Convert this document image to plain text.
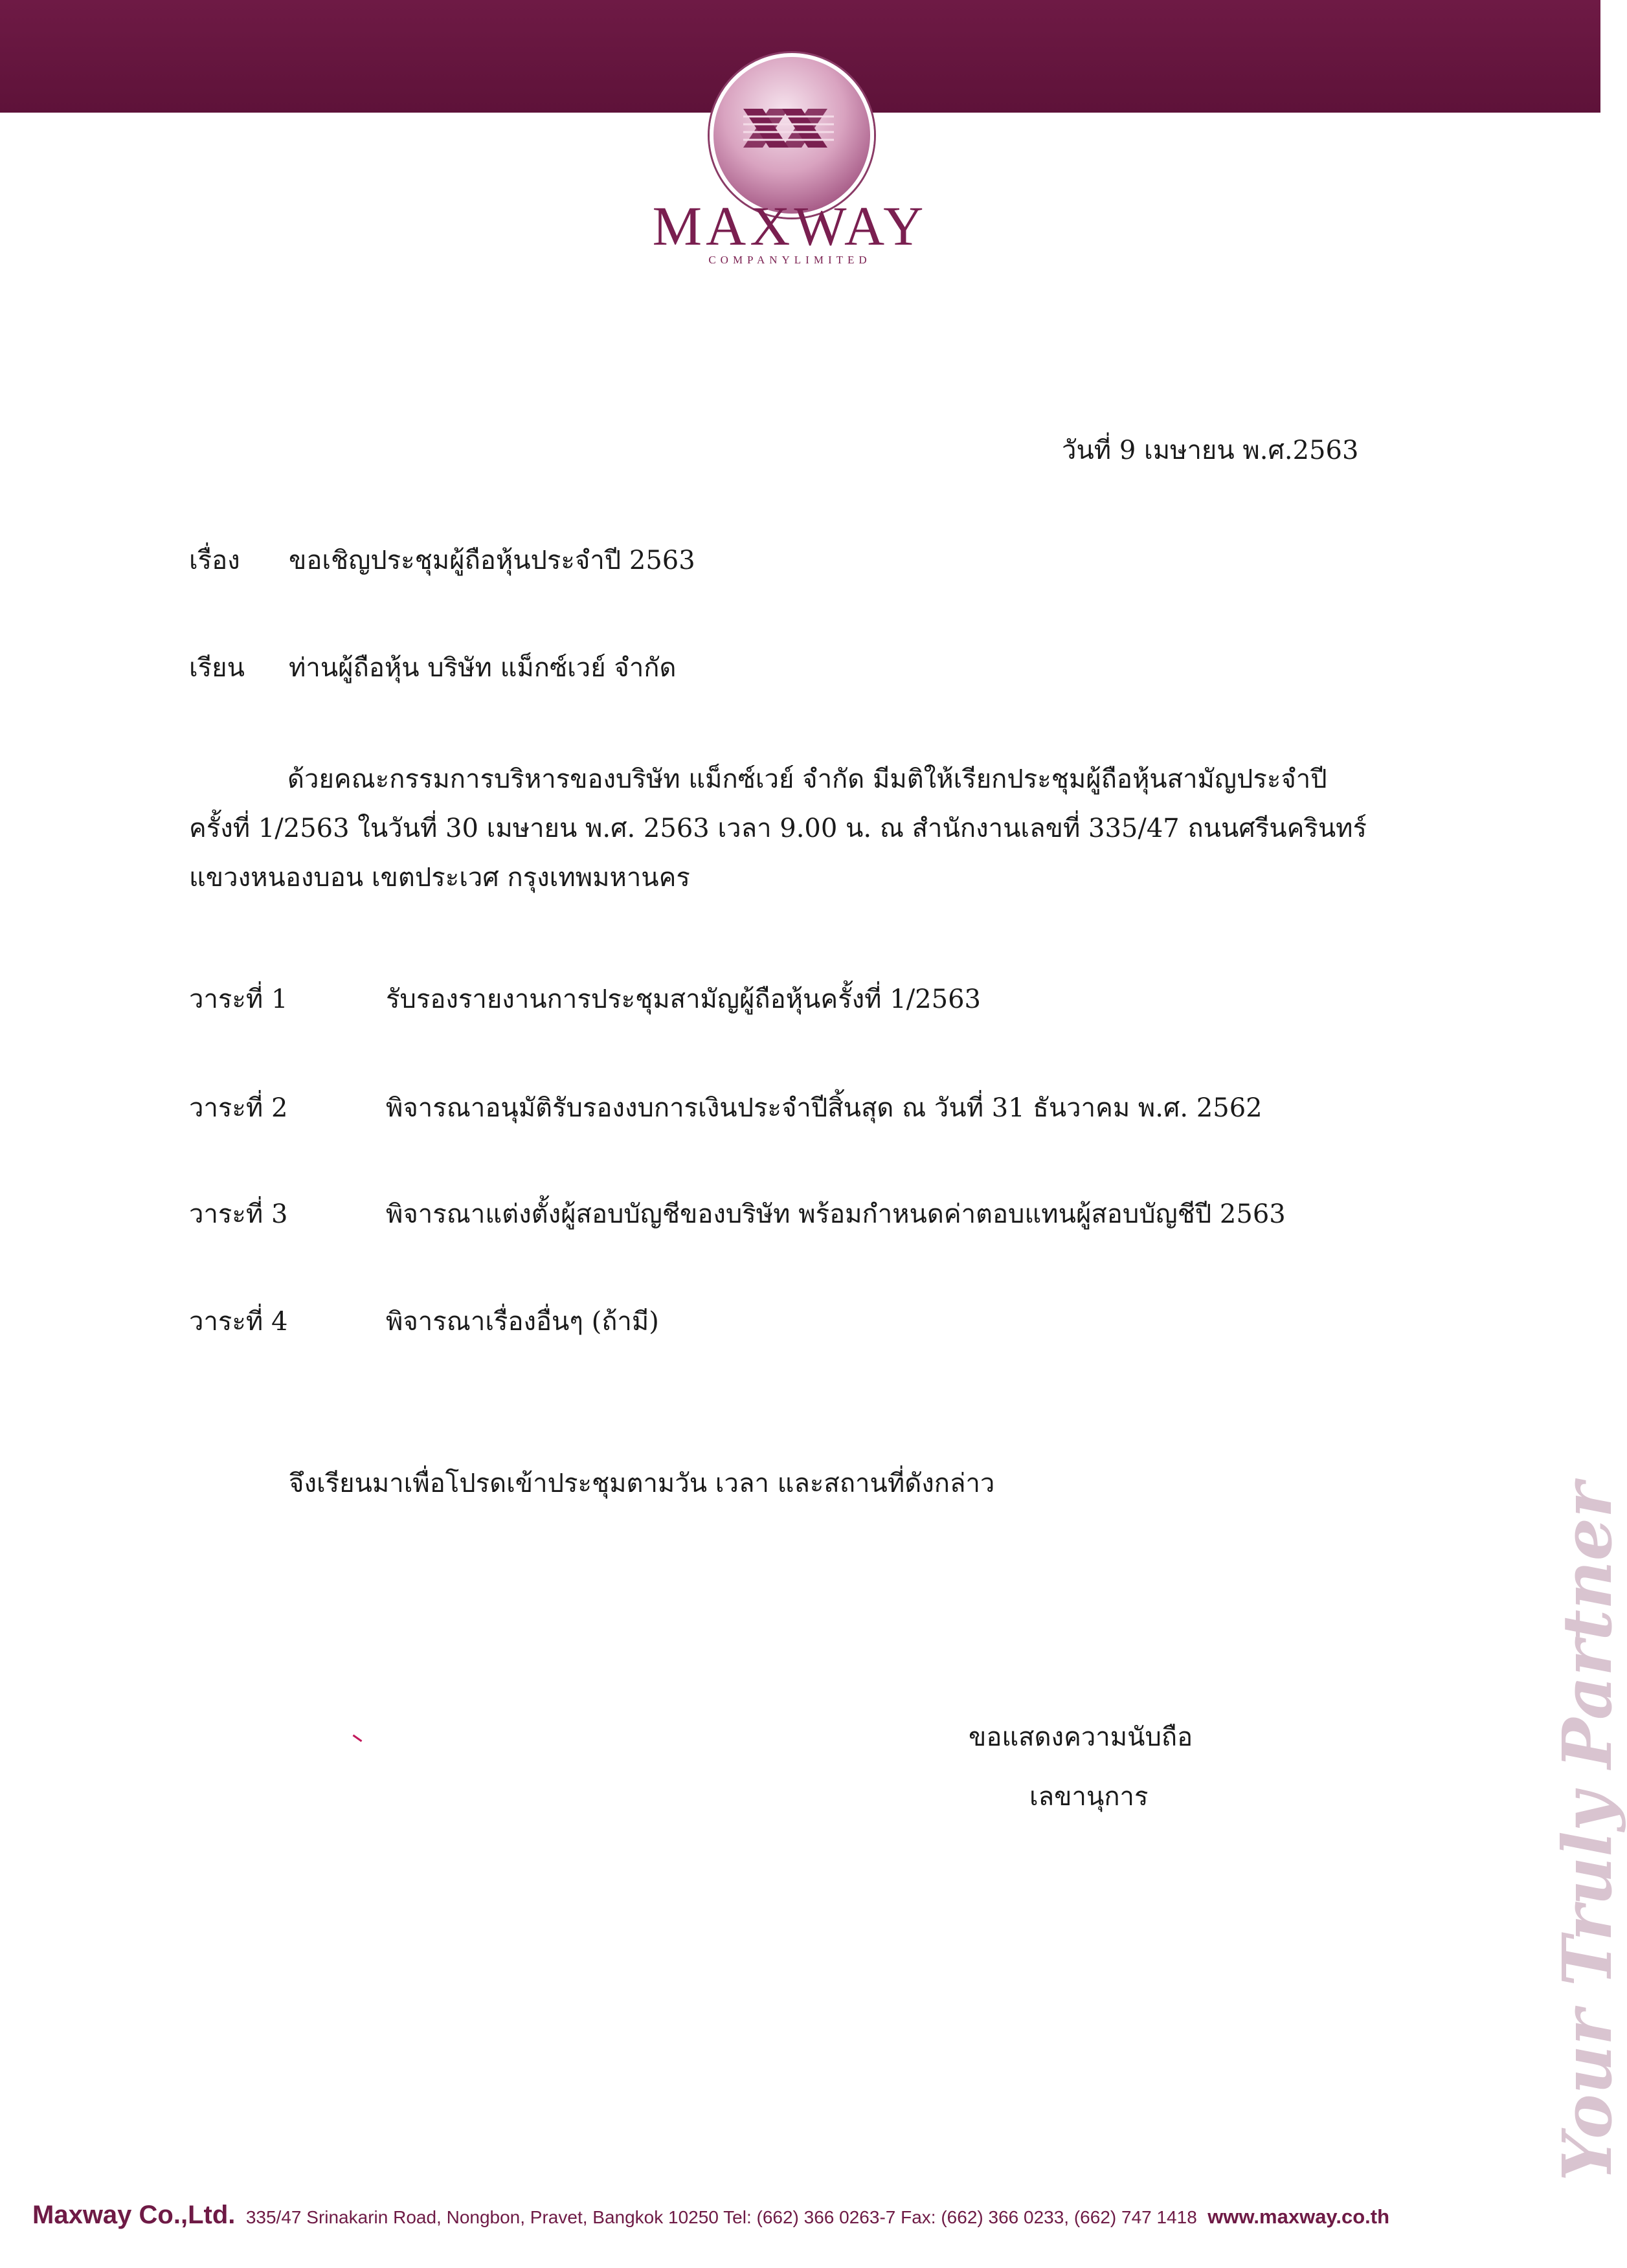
MAXWAY
COMPANYLIMITED
วันที่ 9 เมษายน พ.ศ.2563
เรื่อง ขอเชิญประชุมผู้ถือหุ้นประจำปี 2563
เรียน ท่านผู้ถือหุ้น บริษัท แม็กซ์เวย์ จำกัด
ด้วยคณะกรรมการบริหารของบริษัท แม็กซ์เวย์ จำกัด มีมติให้เรียกประชุมผู้ถือหุ้นสามัญประจำปี
ครั้งที่ 1/2563 ในวันที่ 30 เมษายน พ.ศ. 2563 เวลา 9.00 น. ณ สำนักงานเลขที่ 335/47 ถนนศรีนครินทร์
แขวงหนองบอน เขตประเวศ กรุงเทพมหานคร
วาระที่ 1	รับรองรายงานการประชุมสามัญผู้ถือหุ้นครั้งที่ 1/2563
วาระที่ 2	พิจารณาอนุมัติรับรองงบการเงินประจำปีสิ้นสุด ณ วันที่ 31 ธันวาคม พ.ศ. 2562
วาระที่ 3	พิจารณาแต่งตั้งผู้สอบบัญชีของบริษัท พร้อมกำหนดค่าตอบแทนผู้สอบบัญชีปี 2563
วาระที่ 4	พิจารณาเรื่องอื่นๆ (ถ้ามี)
จึงเรียนมาเพื่อโปรดเข้าประชุมตามวัน เวลา และสถานที่ดังกล่าว
ขอแสดงความนับถือ
เลขานุการ	Your Truly Partner
Maxway Co.,Ltd. 335/47 Srinakarin Road, Nongbon, Pravet, Bangkok 10250 Tel: (662) 366 0263-7 Fax: (662) 366 0233, (662) 747 1418 www.maxway.co.th
